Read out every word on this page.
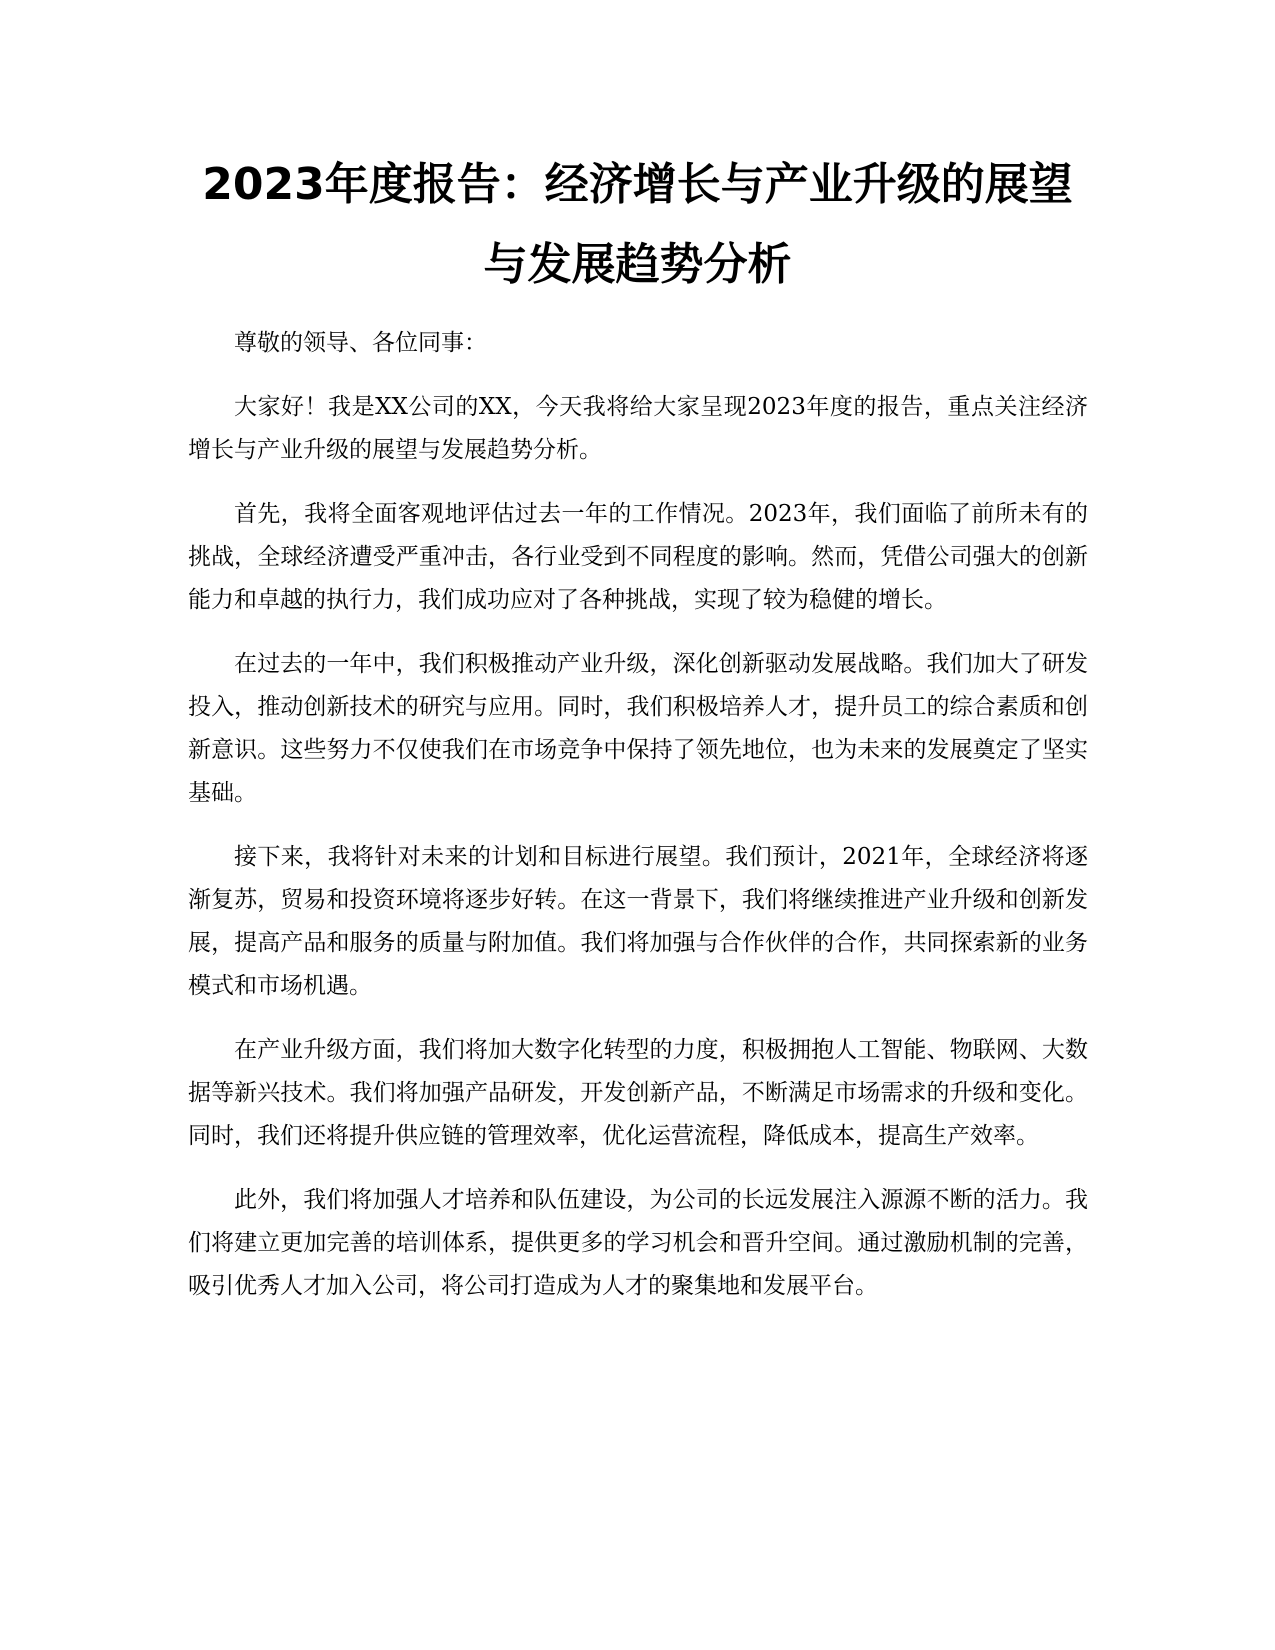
2023年度报告：经济增长与产业升级的展望
与发展趋势分析

尊敬的领导、各位同事：

大家好！我是XX公司的XX，今天我将给大家呈现2023年度的报告，重点关注经济增长与产业升级的展望与发展趋势分析。

首先，我将全面客观地评估过去一年的工作情况。2023年，我们面临了前所未有的挑战，全球经济遭受严重冲击，各行业受到不同程度的影响。然而，凭借公司强大的创新能力和卓越的执行力，我们成功应对了各种挑战，实现了较为稳健的增长。

在过去的一年中，我们积极推动产业升级，深化创新驱动发展战略。我们加大了研发投入，推动创新技术的研究与应用。同时，我们积极培养人才，提升员工的综合素质和创新意识。这些努力不仅使我们在市场竞争中保持了领先地位，也为未来的发展奠定了坚实基础。

接下来，我将针对未来的计划和目标进行展望。我们预计，2021年，全球经济将逐渐复苏，贸易和投资环境将逐步好转。在这一背景下，我们将继续推进产业升级和创新发展，提高产品和服务的质量与附加值。我们将加强与合作伙伴的合作，共同探索新的业务模式和市场机遇。

在产业升级方面，我们将加大数字化转型的力度，积极拥抱人工智能、物联网、大数据等新兴技术。我们将加强产品研发，开发创新产品，不断满足市场需求的升级和变化。同时，我们还将提升供应链的管理效率，优化运营流程，降低成本，提高生产效率。

此外，我们将加强人才培养和队伍建设，为公司的长远发展注入源源不断的活力。我们将建立更加完善的培训体系，提供更多的学习机会和晋升空间。通过激励机制的完善，吸引优秀人才加入公司，将公司打造成为人才的聚集地和发展平台。
